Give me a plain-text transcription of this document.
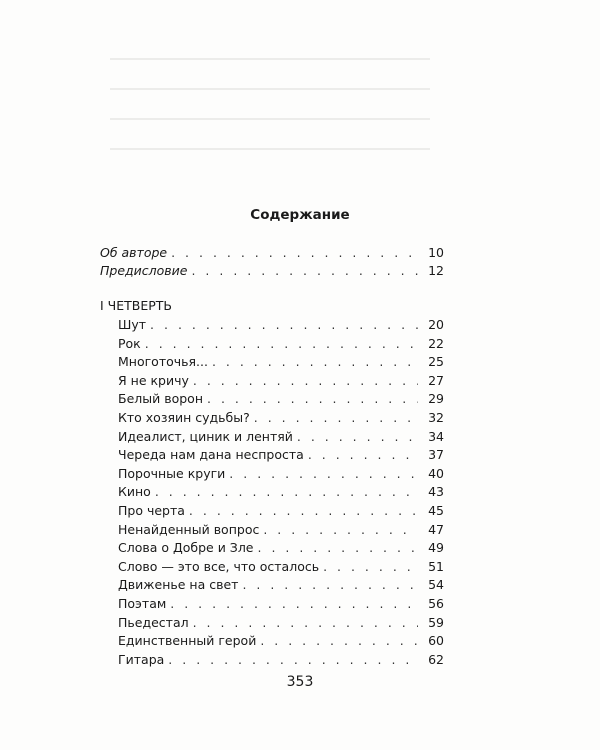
Содержание
Об авторе . . .	10
Предисловие . . .	12
I ЧЕТВЕРТЬ
Шут . . .	20
Рок . . .	22
Многоточья... . . .	25
Я не кричу . . .	27
Белый ворон . . .	29
Кто хозяин судьбы? . . .	32
Идеалист, циник и лентяй . . .	34
Череда нам дана неспроста . . .	37
Порочные круги . . .	40
Кино . . .	43
Про черта . . .	45
Ненайденный вопрос . . .	47
Слова о Добре и Зле . . .	49
Слово — это все, что осталось . . .	51
Движенье на свет . . .	54
Поэтам . . .	56
Пьедестал . . .	59
Единственный герой . . .	60
Гитара . . .	62
353
